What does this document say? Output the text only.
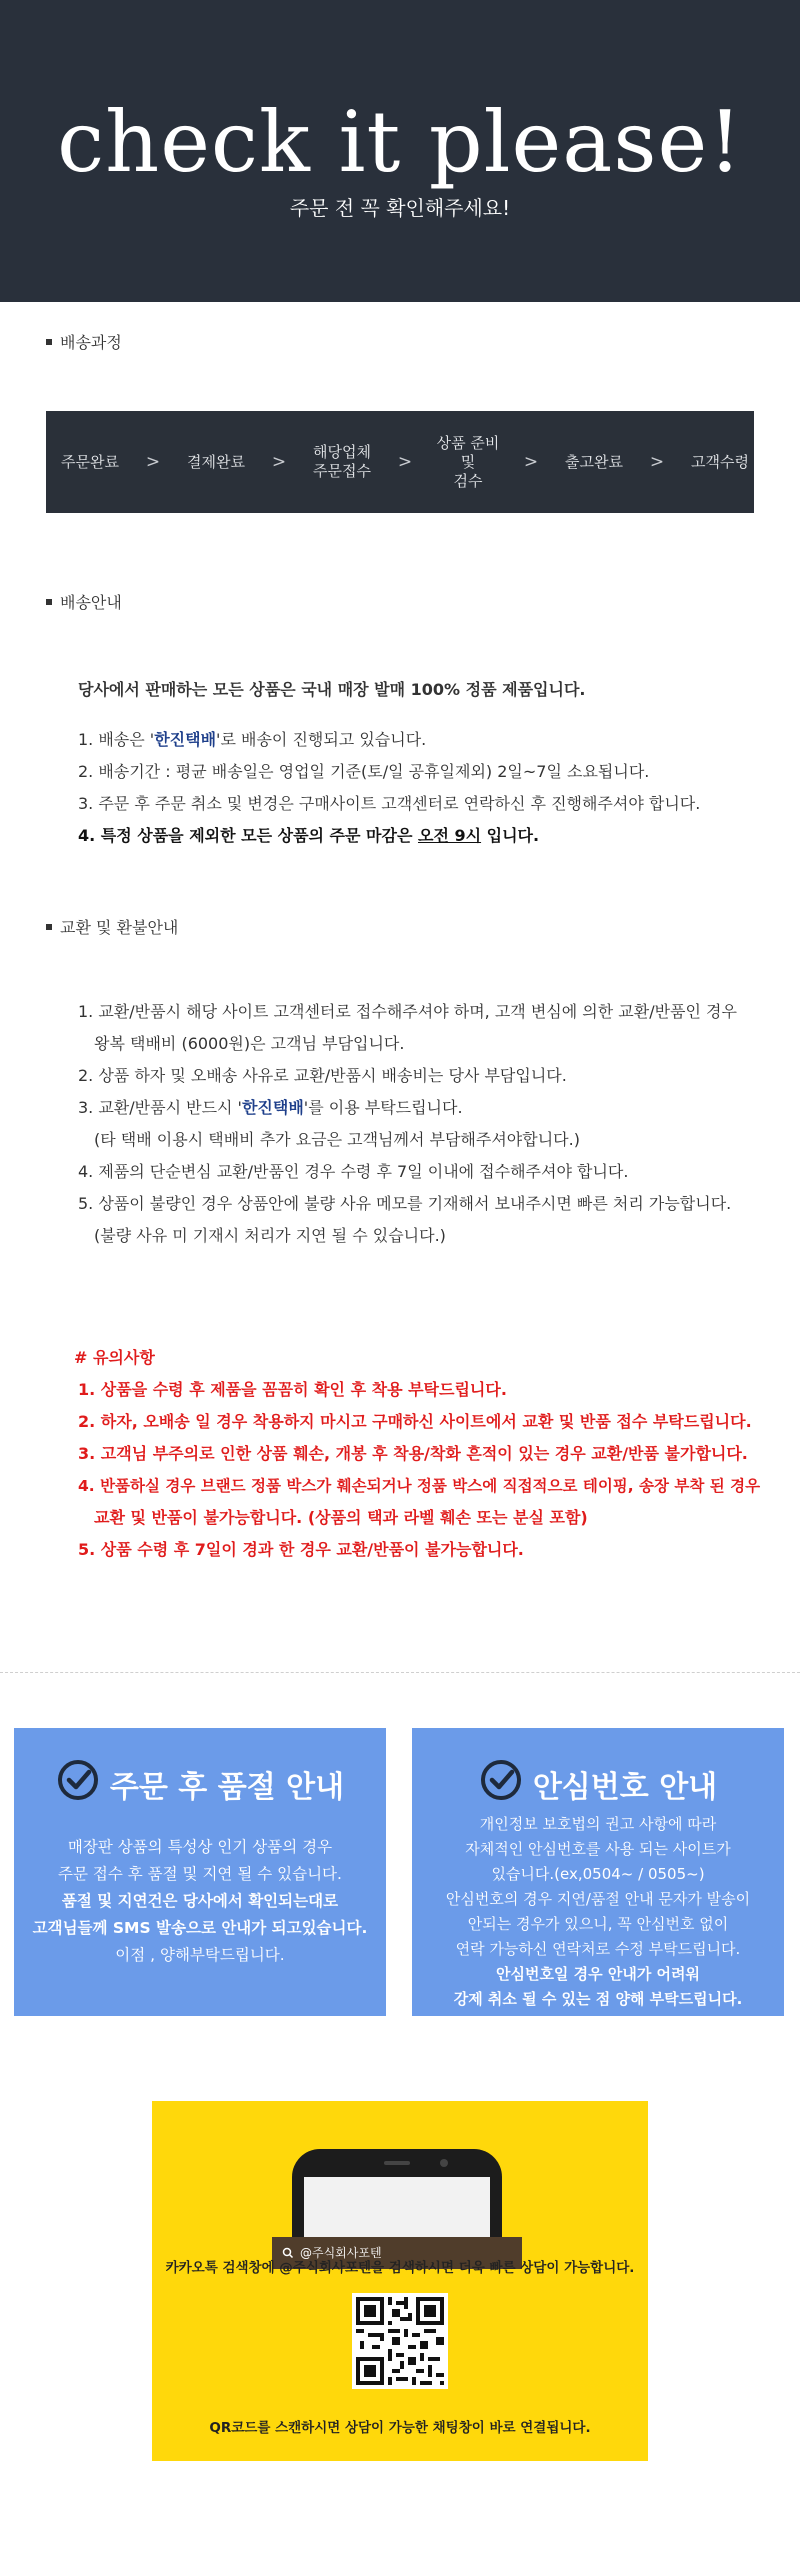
check it please!
주문 전 꼭 확인해주세요!
배송과정
주문완료	>	결제완료	>	해당업체
주문접수	>
상품 준비
및
검수
>	출고완료	>	고객수령
배송안내
당사에서 판매하는 모든 상품은 국내 매장 발매 100% 정품 제품입니다.
1. 배송은 '한진택배'로 배송이 진행되고 있습니다.
2. 배송기간 : 평균 배송일은 영업일 기준(토/일 공휴일제외) 2일~7일 소요됩니다.
3. 주문 후 주문 취소 및 변경은 구매사이트 고객센터로 연락하신 후 진행해주셔야 합니다.
4. 특정 상품을 제외한 모든 상품의 주문 마감은 오전 9시 입니다.
교환 및 환불안내
1. 교환/반품시 해당 사이트 고객센터로 접수해주셔야 하며, 고객 변심에 의한 교환/반품인 경우
왕복 택배비 (6000원)은 고객님 부담입니다.
2. 상품 하자 및 오배송 사유로 교환/반품시 배송비는 당사 부담입니다.
3. 교환/반품시 반드시 '한진택배'를 이용 부탁드립니다.
(타 택배 이용시 택배비 추가 요금은 고객님께서 부담해주셔야합니다.)
4. 제품의 단순변심 교환/반품인 경우 수령 후 7일 이내에 접수해주셔야 합니다.
5. 상품이 불량인 경우 상품안에 불량 사유 메모를 기재해서 보내주시면 빠른 처리 가능합니다.
(불량 사유 미 기재시 처리가 지연 될 수 있습니다.)
# 유의사항
1. 상품을 수령 후 제품을 꼼꼼히 확인 후 착용 부탁드립니다.
2. 하자, 오배송 일 경우 착용하지 마시고 구매하신 사이트에서 교환 및 반품 접수 부탁드립니다.
3. 고객님 부주의로 인한 상품 훼손, 개봉 후 착용/착화 흔적이 있는 경우 교환/반품 불가합니다.
4. 반품하실 경우 브랜드 정품 박스가 훼손되거나 정품 박스에 직접적으로 테이핑, 송장 부착 된 경우
교환 및 반품이 불가능합니다. (상품의 택과 라벨 훼손 또는 분실 포함)
5. 상품 수령 후 7일이 경과 한 경우 교환/반품이 불가능합니다.
주문 후 품절 안내
매장판 상품의 특성상 인기 상품의 경우
주문 접수 후 품절 및 지연 될 수 있습니다.
품절 및 지연건은 당사에서 확인되는대로
고객님들께 SMS 발송으로 안내가 되고있습니다.
이점 , 양해부탁드립니다.
안심번호 안내
개인정보 보호법의 권고 사항에 따라
자체적인 안심번호를 사용 되는 사이트가
있습니다.(ex,0504~ / 0505~)
안심번호의 경우 지연/품절 안내 문자가 발송이
안되는 경우가 있으니, 꼭 안심번호 없이
연락 가능하신 연락처로 수정 부탁드립니다.
안심번호일 경우 안내가 어려워
강제 취소 될 수 있는 점 양해 부탁드립니다.
@주식회사포텐
카카오톡 검색창에 @주식회사포텐을 검색하시면 더욱 빠른 상담이 가능합니다.
QR코드를 스캔하시면 상담이 가능한 채팅창이 바로 연결됩니다.
